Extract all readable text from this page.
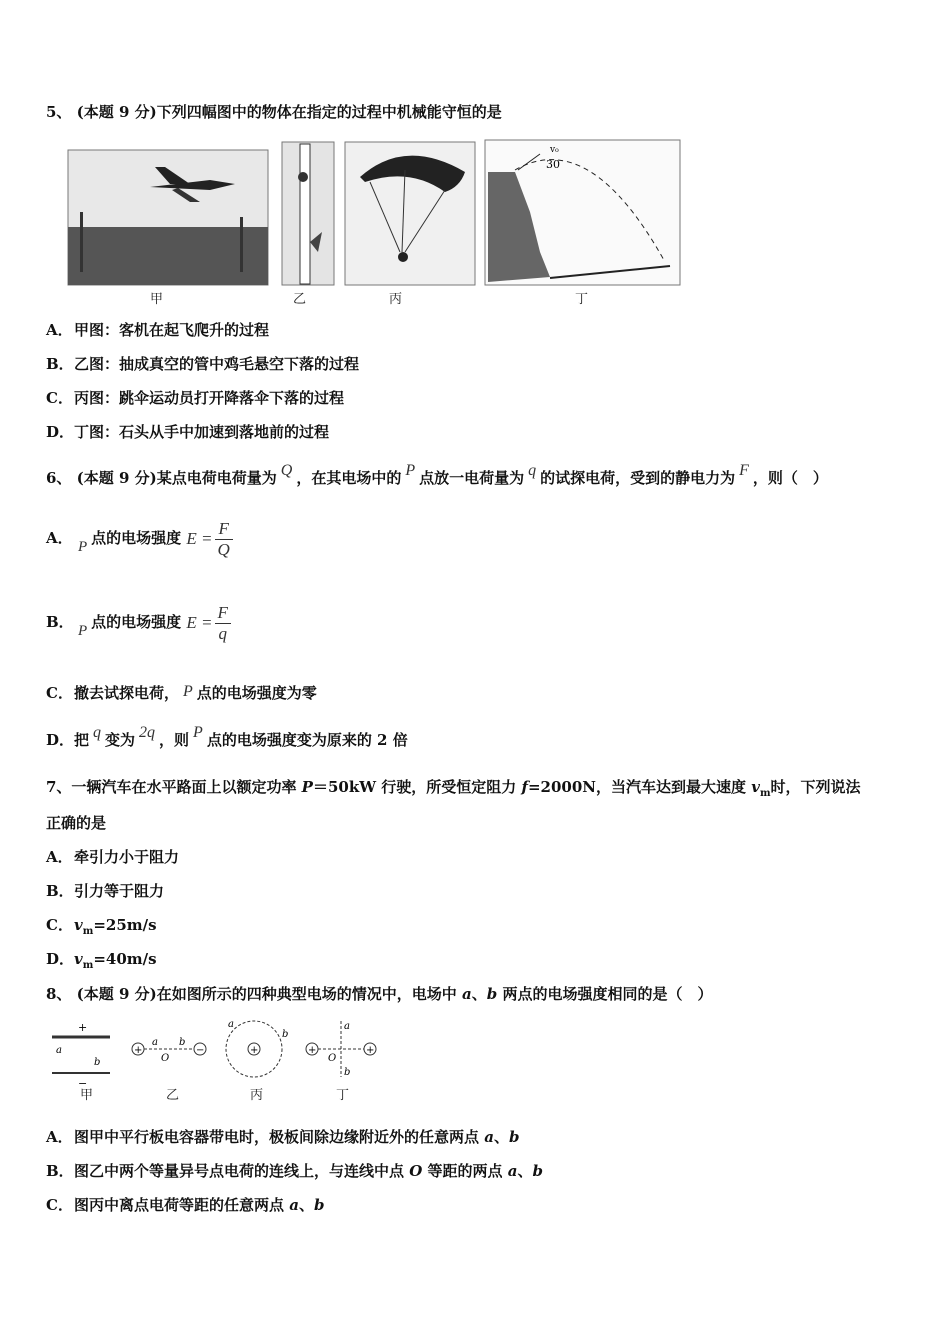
5、 (本题 9 分)下列四幅图中的物体在指定的过程中机械能守恒的是
30
v₀
甲	乙	丙	丁
A．甲图：客机在起飞爬升的过程
B．乙图：抽成真空的管中鸡毛悬空下落的过程
C．丙图：跳伞运动员打开降落伞下落的过程
D．丁图：石头从手中加速到落地前的过程
6、 (本题 9 分)某点电荷电荷量为 Q ，在其电场中的 P 点放一电荷量为 q 的试探电荷，受到的静电力为 F ，则（　）
A． P 点的电场强度 $E = \frac{F}{Q}$
B． P 点的电场强度 $E = \frac{F}{q}$
C．撤去试探电荷， P 点的电场强度为零
D．把 q 变为 2q ，则 P 点的电场强度变为原来的 2 倍
7、一辆汽车在水平路面上以额定功率 P＝50kW 行驶，所受恒定阻力 f=2000N，当汽车达到最大速度 $v_m$时，下列说法
正确的是
A．牵引力小于阻力
B．引力等于阻力
C．$v_m=25m/s$
D．$v_m=40m/s$
8、 (本题 9 分)在如图所示的四种典型电场的情况中，电场中 a、b 两点的电场强度相同的是（　）
+
−
a
b
+	−
a b
O
+
a
b
+	+
a
b
O
甲	乙	丙	丁
A．图甲中平行板电容器带电时，极板间除边缘附近外的任意两点 a、b
B．图乙中两个等量异号点电荷的连线上，与连线中点 O 等距的两点 a、b
C．图丙中离点电荷等距的任意两点 a、b
